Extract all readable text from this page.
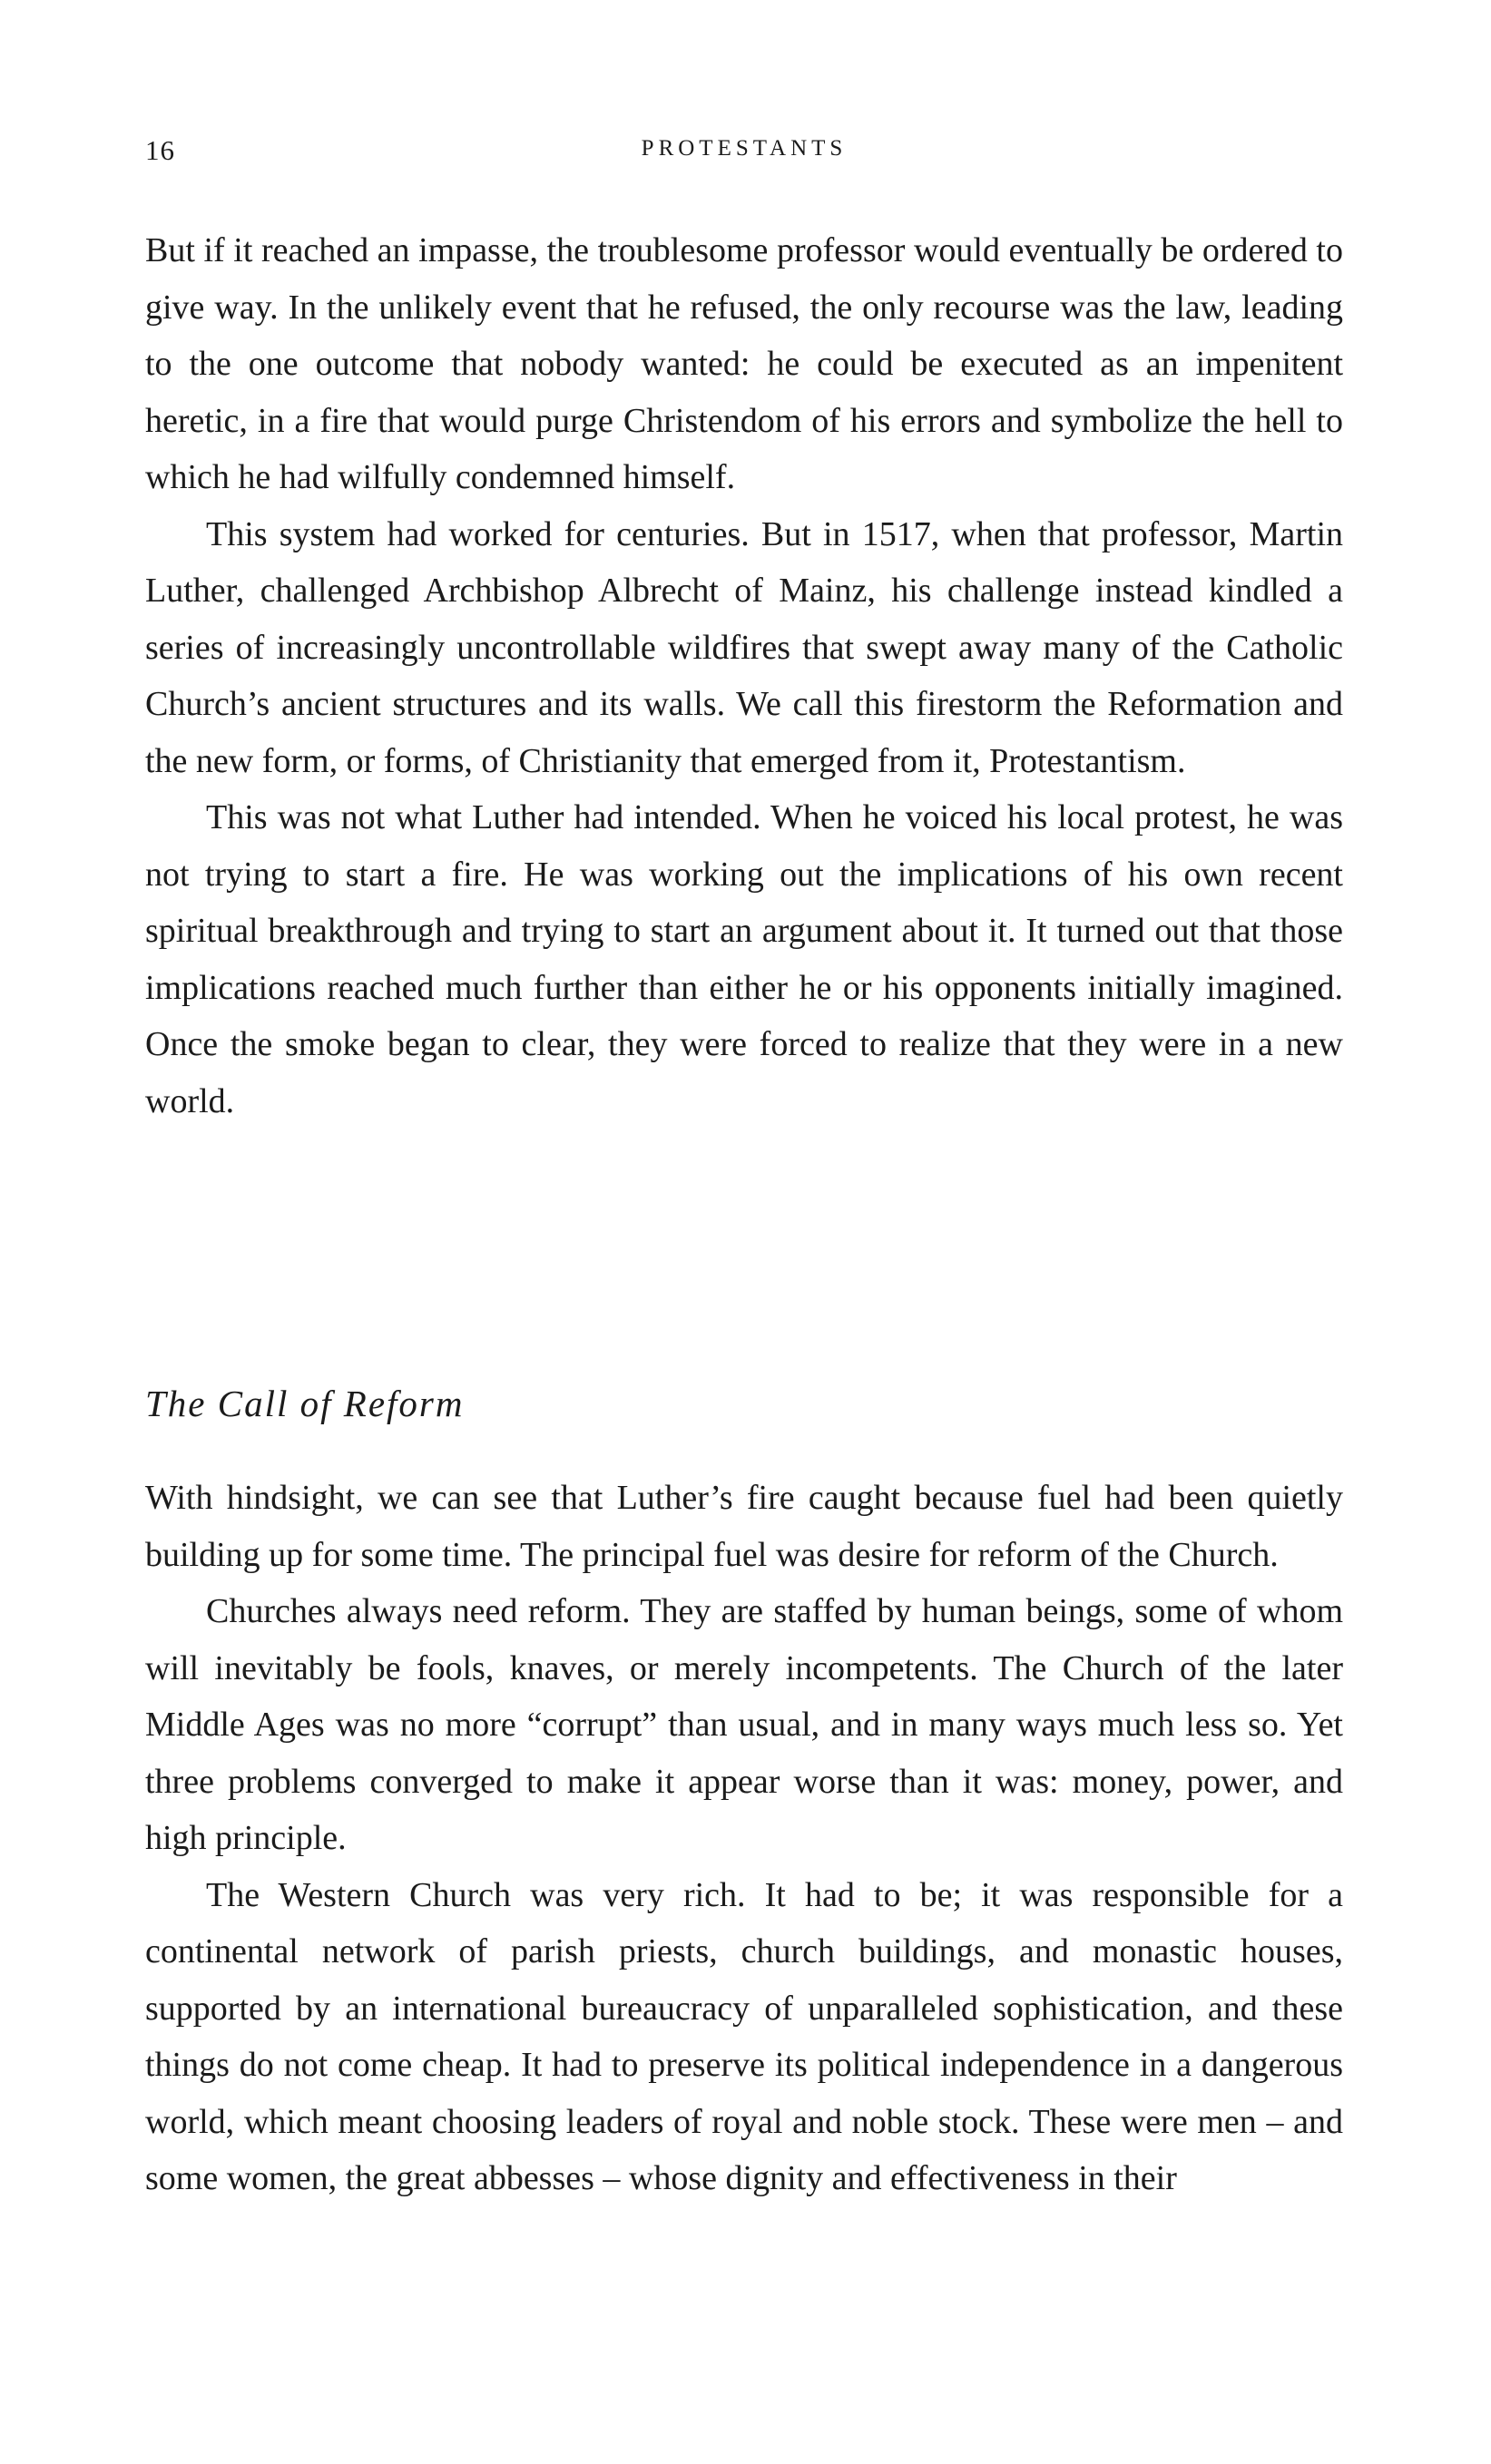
16	PROTESTANTS

But if it reached an impasse, the troublesome professor would eventually be ordered to give way. In the unlikely event that he refused, the only recourse was the law, leading to the one outcome that nobody wanted: he could be executed as an impenitent heretic, in a fire that would purge Christendom of his errors and symbolize the hell to which he had wilfully condemned himself.

This system had worked for centuries. But in 1517, when that professor, Martin Luther, challenged Archbishop Albrecht of Mainz, his challenge instead kindled a series of increasingly uncontrollable wildfires that swept away many of the Catholic Church’s ancient structures and its walls. We call this firestorm the Reformation and the new form, or forms, of Christianity that emerged from it, Protestantism.

This was not what Luther had intended. When he voiced his local protest, he was not trying to start a fire. He was working out the implications of his own recent spiritual breakthrough and trying to start an argument about it. It turned out that those implications reached much further than either he or his opponents initially imagined. Once the smoke began to clear, they were forced to realize that they were in a new world.

The Call of Reform

With hindsight, we can see that Luther’s fire caught because fuel had been quietly building up for some time. The principal fuel was desire for reform of the Church.

Churches always need reform. They are staffed by human beings, some of whom will inevitably be fools, knaves, or merely incompetents. The Church of the later Middle Ages was no more “corrupt” than usual, and in many ways much less so. Yet three problems converged to make it appear worse than it was: money, power, and high principle.

The Western Church was very rich. It had to be; it was responsible for a continental network of parish priests, church buildings, and monastic houses, supported by an international bureaucracy of unparalleled sophistication, and these things do not come cheap. It had to preserve its political independence in a dangerous world, which meant choosing leaders of royal and noble stock. These were men – and some women, the great abbesses – whose dignity and effectiveness in their
